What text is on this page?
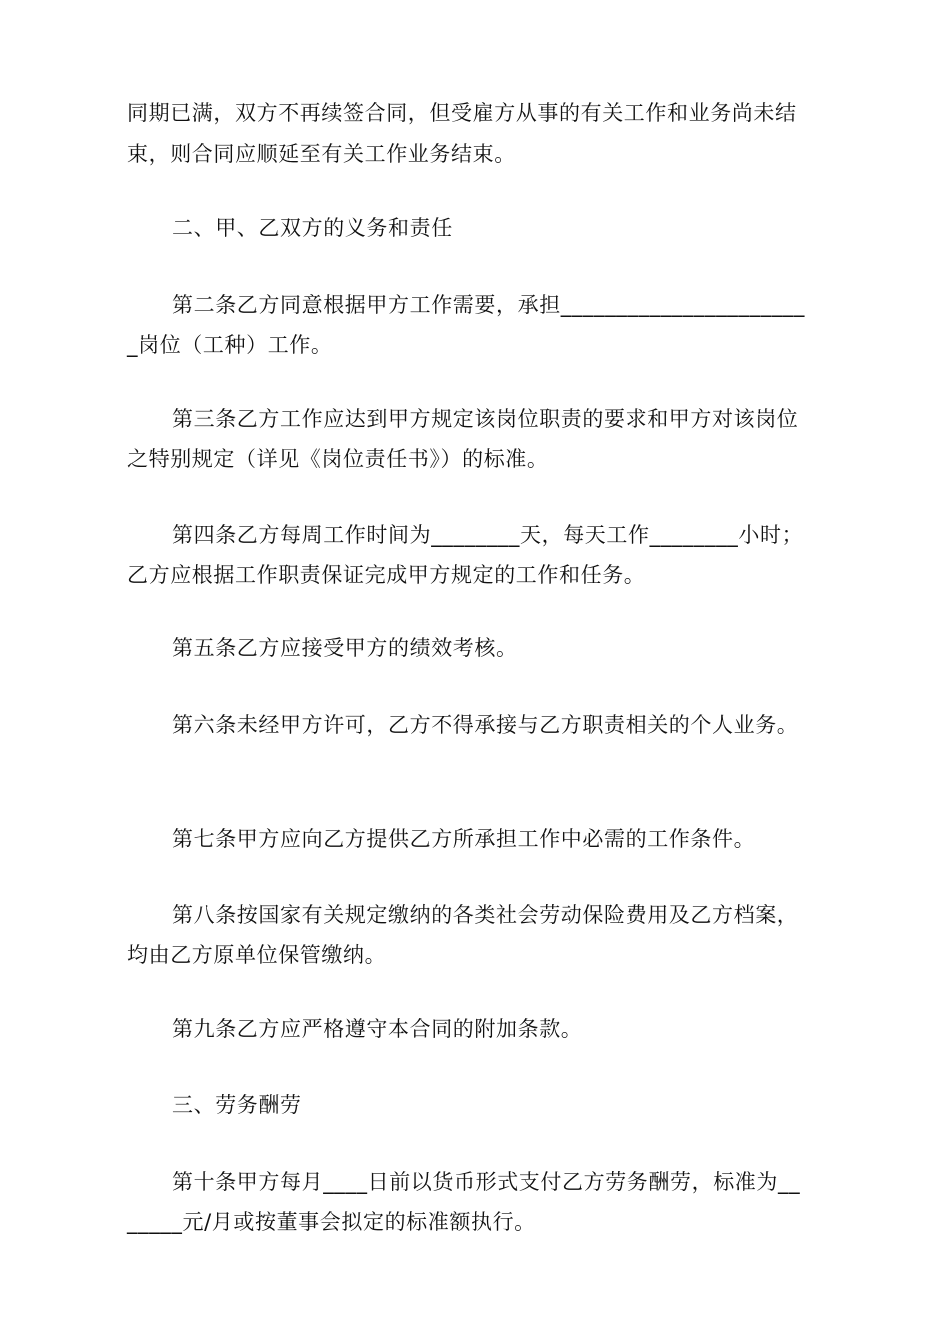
同期已满，双方不再续签合同，但受雇方从事的有关工作和业务尚未结
束，则合同应顺延至有关工作业务结束。
二、甲、乙双方的义务和责任
第二条乙方同意根据甲方工作需要，承担______________________
_岗位（工种）工作。
第三条乙方工作应达到甲方规定该岗位职责的要求和甲方对该岗位
之特别规定（详见《岗位责任书》）的标准。
第四条乙方每周工作时间为________天，每天工作________小时；
乙方应根据工作职责保证完成甲方规定的工作和任务。
第五条乙方应接受甲方的绩效考核。
第六条未经甲方许可，乙方不得承接与乙方职责相关的个人业务。
第七条甲方应向乙方提供乙方所承担工作中必需的工作条件。
第八条按国家有关规定缴纳的各类社会劳动保险费用及乙方档案，
均由乙方原单位保管缴纳。
第九条乙方应严格遵守本合同的附加条款。
三、劳务酬劳
第十条甲方每月____日前以货币形式支付乙方劳务酬劳，标准为__
_____元/月或按董事会拟定的标准额执行。
